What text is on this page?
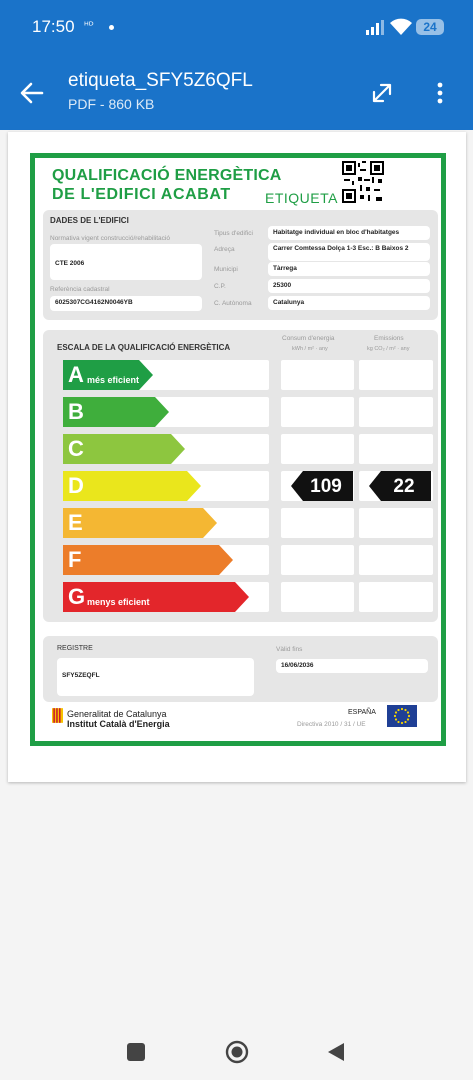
17:50 ᴴᴰ	24
etiqueta_SFY5Z6QFL
PDF - 860 KB
QUALIFICACIÓ ENERGÈTICA
DE L'EDIFICI ACABAT ETIQUETA
DADES DE L'EDIFICI
Normativa vigent construcció/rehabilitació
CTE 2006
Referència cadastral
6025307CG4162N0046YB
Tipus d'edifici	Habitatge individual en bloc d'habitatges
Adreça	Carrer Comtessa Dolça 1-3 Esc.: B Baixos 2
Municipi	Tàrrega
C.P.	25300
C. Autònoma	Catalunya
ESCALA DE LA QUALIFICACIÓ ENERGÈTICA
Consum d'energia
kWh / m² · any
Emissions
kg CO₂ / m² · any
A més eficient
B
C
D	109	22
E
F
G menys eficient
REGISTRE
SFY5ZEQFL
Vàlid fins
16/06/2036
Generalitat de Catalunya
Institut Català d'Energia
ESPAÑA
Directiva 2010 / 31 / UE
